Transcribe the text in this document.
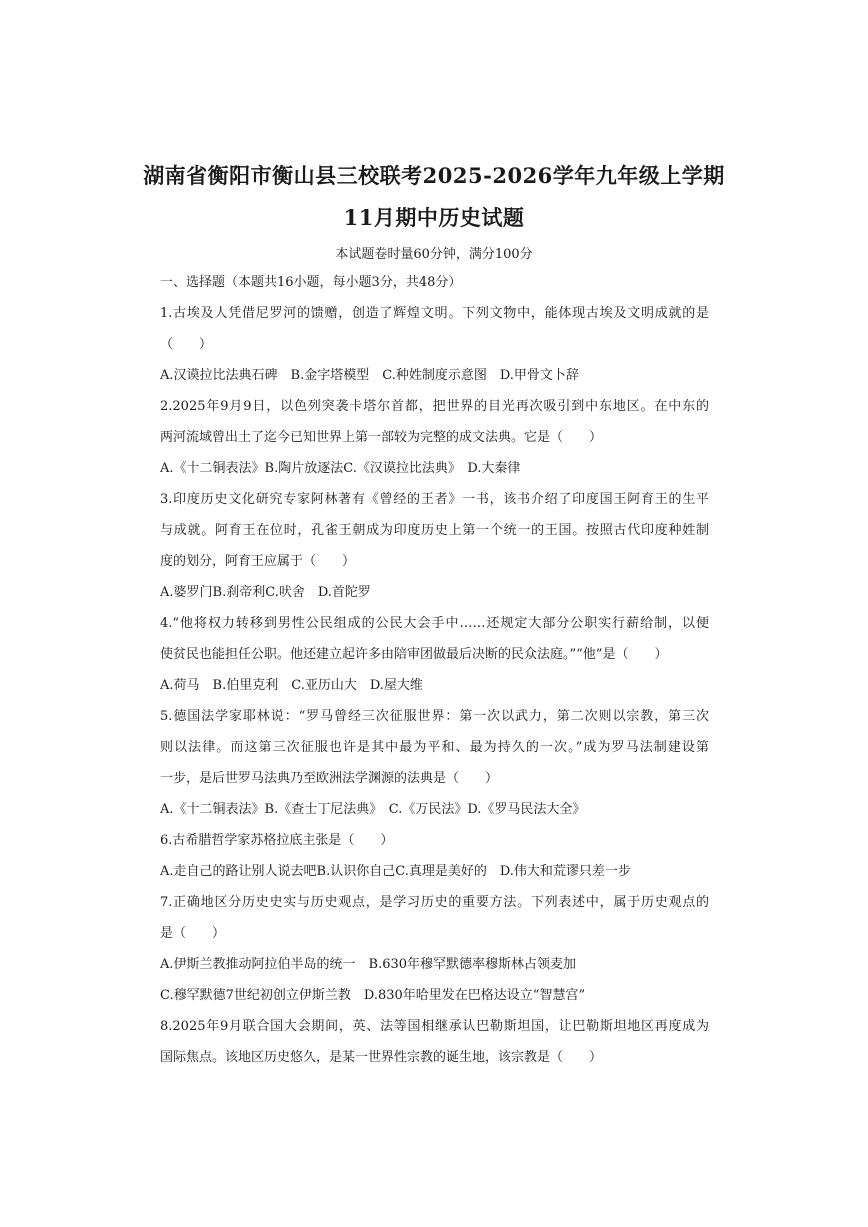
湖南省衡阳市衡山县三校联考2025-2026学年九年级上学期
11月期中历史试题
本试题卷时量60分钟，满分100分
一、选择题（本题共16小题，每小题3分，共48分）
1.古埃及人凭借尼罗河的馈赠，创造了辉煌文明。下列文物中，能体现古埃及文明成就的是
（　　）
A.汉谟拉比法典石碑　B.金字塔模型　C.种姓制度示意图　D.甲骨文卜辞
2.2025年9月9日，以色列突袭卡塔尔首都，把世界的目光再次吸引到中东地区。在中东的
两河流域曾出土了迄今已知世界上第一部较为完整的成文法典。它是（　　）
A.《十二铜表法》B.陶片放逐法C.《汉谟拉比法典》　D.大秦律
3.印度历史文化研究专家阿林著有《曾经的王者》一书，该书介绍了印度国王阿育王的生平
与成就。阿育王在位时，孔雀王朝成为印度历史上第一个统一的王国。按照古代印度种姓制
度的划分，阿育王应属于（　　）
A.婆罗门B.刹帝利C.吠舍　D.首陀罗
4.“他将权力转移到男性公民组成的公民大会手中……还规定大部分公职实行薪给制，以便
使贫民也能担任公职。他还建立起许多由陪审团做最后决断的民众法庭。”“他”是（　　）
A.荷马　B.伯里克利　C.亚历山大　D.屋大维
5.德国法学家耶林说：“罗马曾经三次征服世界：第一次以武力，第二次则以宗教，第三次
则以法律。而这第三次征服也许是其中最为平和、最为持久的一次。”成为罗马法制建设第
一步，是后世罗马法典乃至欧洲法学渊源的法典是（　　）
A.《十二铜表法》B.《查士丁尼法典》　C.《万民法》D.《罗马民法大全》
6.古希腊哲学家苏格拉底主张是（　　）
A.走自己的路让别人说去吧B.认识你自己C.真理是美好的　D.伟大和荒谬只差一步
7.正确地区分历史史实与历史观点，是学习历史的重要方法。下列表述中，属于历史观点的
是（　　）
A.伊斯兰教推动阿拉伯半岛的统一　B.630年穆罕默德率穆斯林占领麦加
C.穆罕默德7世纪初创立伊斯兰教　D.830年哈里发在巴格达设立“智慧宫”
8.2025年9月联合国大会期间，英、法等国相继承认巴勒斯坦国，让巴勒斯坦地区再度成为
国际焦点。该地区历史悠久，是某一世界性宗教的诞生地，该宗教是（　　）
